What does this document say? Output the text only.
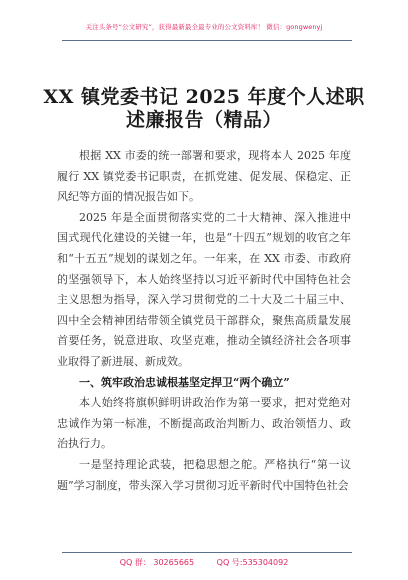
关注头条号“公文研究”，获得最新最全最专业的公文资料库！ 微信：gongwenyj
XX 镇党委书记 2025 年度个人述职
述廉报告（精品）

根据 XX 市委的统一部署和要求，现将本人 2025 年度履行 XX 镇党委书记职责，在抓党建、促发展、保稳定、正风纪等方面的情况报告如下。

2025 年是全面贯彻落实党的二十大精神、深入推进中国式现代化建设的关键一年，也是“十四五”规划的收官之年和“十五五”规划的谋划之年。一年来，在 XX 市委、市政府的坚强领导下，本人始终坚持以习近平新时代中国特色社会主义思想为指导，深入学习贯彻党的二十大及二十届三中、四中全会精神团结带领全镇党员干部群众，聚焦高质量发展首要任务，锐意进取、攻坚克难，推动全镇经济社会各项事业取得了新进展、新成效。

一、筑牢政治忠诚根基坚定捍卫“两个确立”

本人始终将旗帜鲜明讲政治作为第一要求，把对党绝对忠诚作为第一标准，不断提高政治判断力、政治领悟力、政治执行力。

一是坚持理论武装，把稳思想之舵。严格执行“第一议题”学习制度，带头深入学习贯彻习近平新时代中国特色社会

QQ 群： 30265665	QQ 号:535304092
